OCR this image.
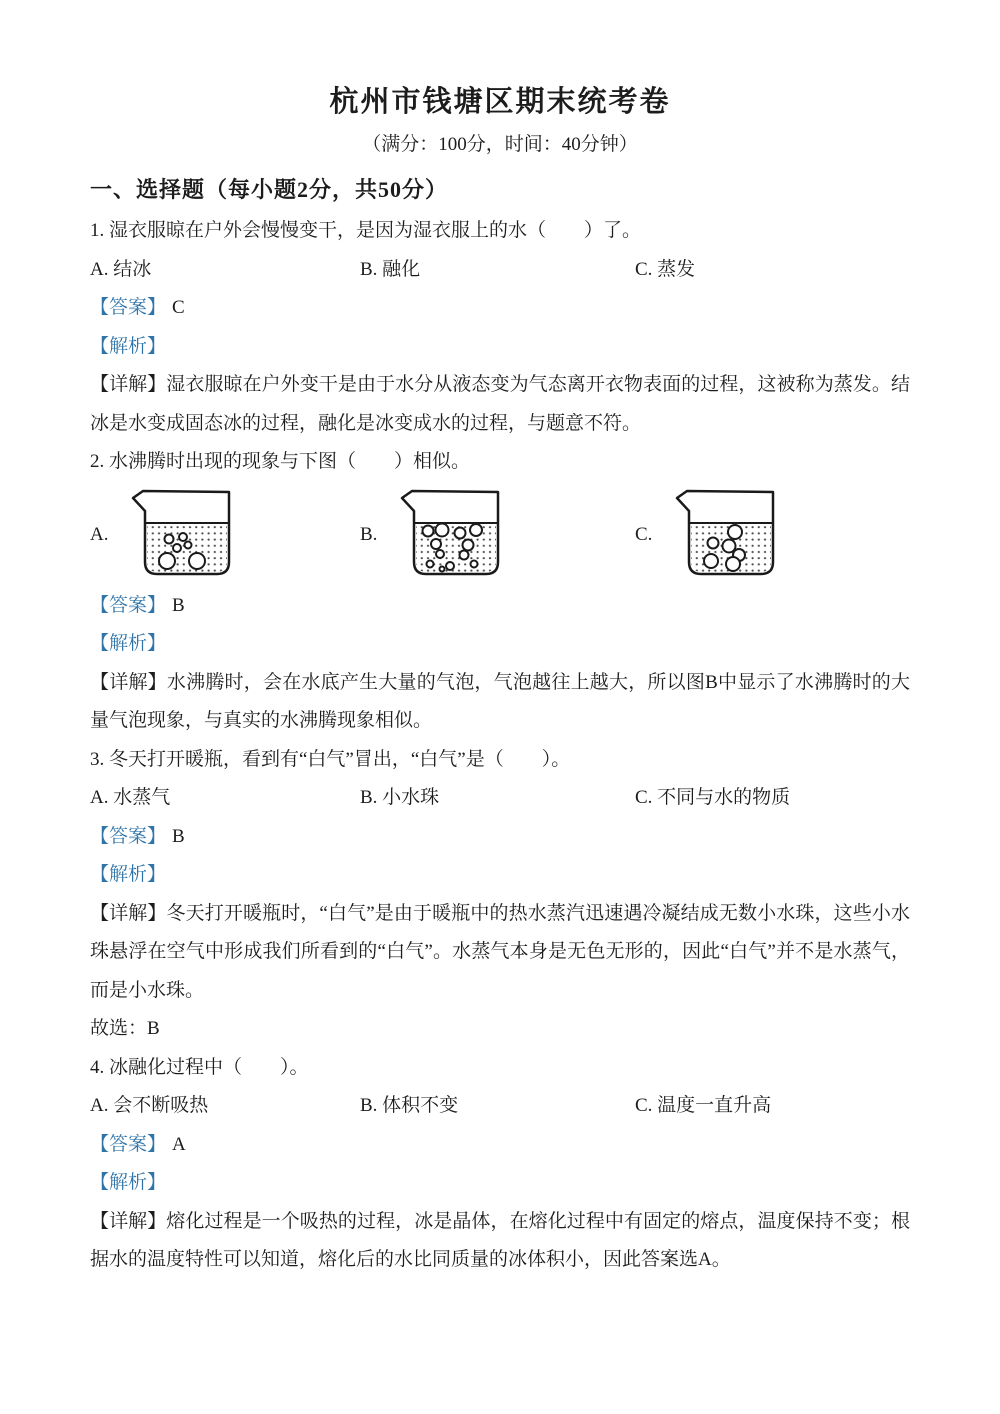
杭州市钱塘区期末统考卷

（满分：100分，时间：40分钟）

一、选择题（每小题2分，共50分）

1. 湿衣服晾在户外会慢慢变干，是因为湿衣服上的水（　　）了。

A. 结冰	B. 融化	C. 蒸发

【答案】 C

【解析】

【详解】湿衣服晾在户外变干是由于水分从液态变为气态离开衣物表面的过程，这被称为蒸发。结冰是水变成固态冰的过程，融化是冰变成水的过程，与题意不符。

2. 水沸腾时出现的现象与下图（　　）相似。

A.	B.	C.

【答案】 B

【解析】

【详解】水沸腾时，会在水底产生大量的气泡，气泡越往上越大，所以图B中显示了水沸腾时的大量气泡现象，与真实的水沸腾现象相似。

3. 冬天打开暖瓶，看到有“白气”冒出，“白气”是（　　）。

A. 水蒸气	B. 小水珠	C. 不同与水的物质

【答案】 B

【解析】

【详解】冬天打开暖瓶时，“白气”是由于暖瓶中的热水蒸汽迅速遇冷凝结成无数小水珠，这些小水珠悬浮在空气中形成我们所看到的“白气”。水蒸气本身是无色无形的，因此“白气”并不是水蒸气，而是小水珠。

故选：B

4. 冰融化过程中（　　）。

A. 会不断吸热	B. 体积不变	C. 温度一直升高

【答案】 A

【解析】

【详解】熔化过程是一个吸热的过程，冰是晶体，在熔化过程中有固定的熔点，温度保持不变；根据水的温度特性可以知道，熔化后的水比同质量的冰体积小，因此答案选A。
